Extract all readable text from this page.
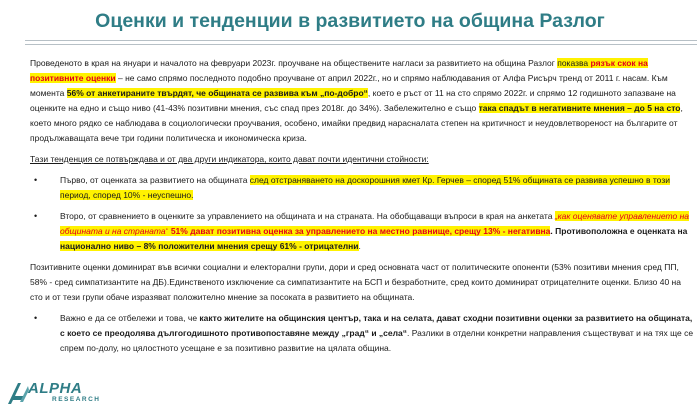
Оценки и тенденции в развитието на община Разлог

Проведеното в края на януари и началото на февруари 2023г. проучване на обществените нагласи за развитието на община Разлог показва рязък скок на позитивните оценки – не само спрямо последното подобно проучване от април 2022г., но и спрямо наблюдавания от Алфа Рисърч тренд от 2011 г. насам. Към момента 56% от анкетираните твърдят, че общината се развива към „по-добро“, което е ръст от 11 на сто спрямо 2022г. и спрямо 12 годишното запазване на оценките на едно и също ниво (41-43% позитивни мнения, със спад през 2018г. до 34%). Забележително е също така спадът в негативните мнения – до 5 на сто, което много рядко се наблюдава в социологически проучвания, особено, имайки предвид нарасналата степен на критичност и неудовлетвореност на българите от продължаващата вече три години политическа и икономическа криза.

Тази тенденция се потвърждава и от два други индикатора, които дават почти идентични стойности:

•	Първо, от оценката за развитието на общината след отстраняването на доскорошния кмет Кр. Герчев – според 51% общината се развива успешно в този период, според 10% - неуспешно.
•	Второ, от сравнението в оценките за управлението на общината и на страната. На обобщаващи въпроси в края на анкетата „как оценявате управлението на общината и на страната“ 51% дават позитивна оценка за управлението на местно равнище, срещу 13% - негативна. Противоположна е оценката на национално ниво – 8% положителни мнения срещу 61% - отрицателни.

Позитивните оценки доминират във всички социални и електорални групи, дори и сред основната част от политическите опоненти (53% позитиви мнения сред ПП, 58% - сред симпатизантите на ДБ).Единственото изключение са симпатизантите на БСП и безработните, сред които доминират отрицателните оценки. Близо 40 на сто и от тези групи обаче изразяват положително мнение за посоката в развитието на общината.

•	Важно е да се отбележи и това, че както жителите на общинския център, така и на селата, дават сходни позитивни оценки за развитието на общината, с което се преодолява дългогодишното противопоставяне между „град“ и „села“. Разлики в отделни конкретни направления съществуват и на тях ще се спрем по-долу, но цялостното усещане е за позитивно развитие на цялата община.
ALPHA
RESEARCH
